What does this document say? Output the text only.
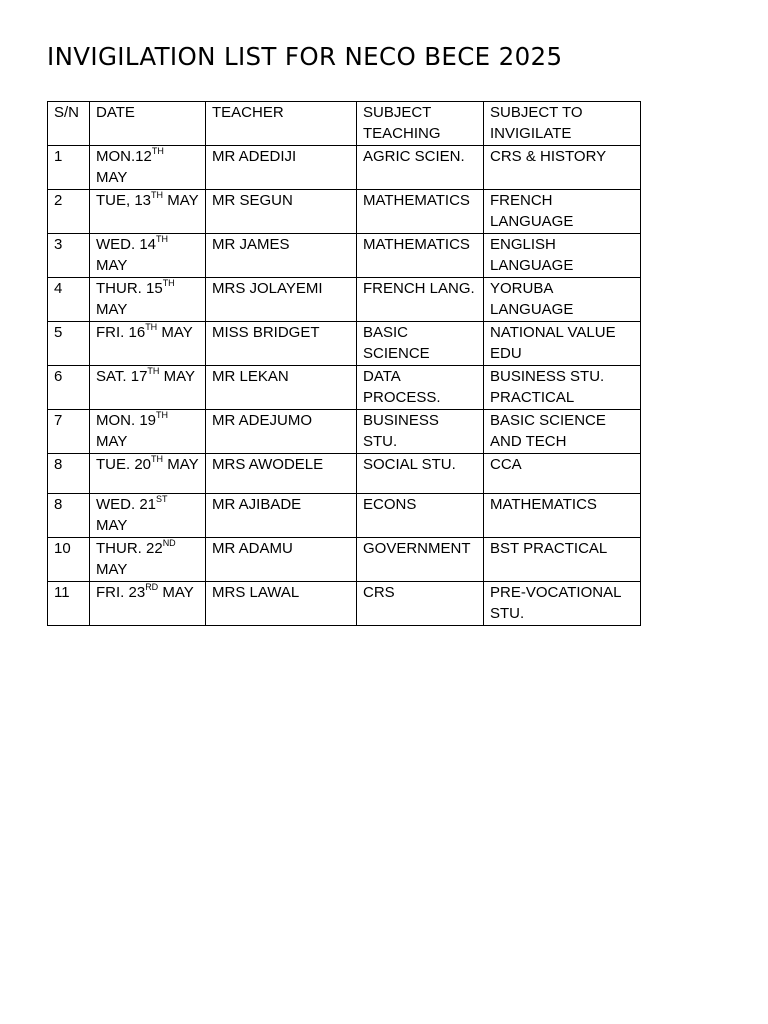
INVIGILATION LIST FOR NECO BECE 2025
S/N	DATE	TEACHER	SUBJECT TEACHING	SUBJECT TO INVIGILATE
1	MON.12TH MAY	MR ADEDIJI	AGRIC SCIEN.	CRS & HISTORY
2	TUE, 13TH MAY	MR SEGUN	MATHEMATICS	FRENCH LANGUAGE
3	WED. 14TH MAY	MR JAMES	MATHEMATICS	ENGLISH LANGUAGE
4	THUR. 15TH MAY	MRS JOLAYEMI	FRENCH LANG.	YORUBA LANGUAGE
5	FRI. 16TH MAY	MISS BRIDGET	BASIC SCIENCE	NATIONAL VALUE EDU
6	SAT. 17TH MAY	MR LEKAN	DATA PROCESS.	BUSINESS STU. PRACTICAL
7	MON. 19TH MAY	MR ADEJUMO	BUSINESS STU.	BASIC SCIENCE AND TECH
8	TUE. 20TH MAY	MRS AWODELE	SOCIAL STU.	CCA
8	WED. 21ST MAY	MR AJIBADE	ECONS	MATHEMATICS
10	THUR. 22ND MAY	MR ADAMU	GOVERNMENT	BST PRACTICAL
11	FRI. 23RD MAY	MRS LAWAL	CRS	PRE-VOCATIONAL STU.
